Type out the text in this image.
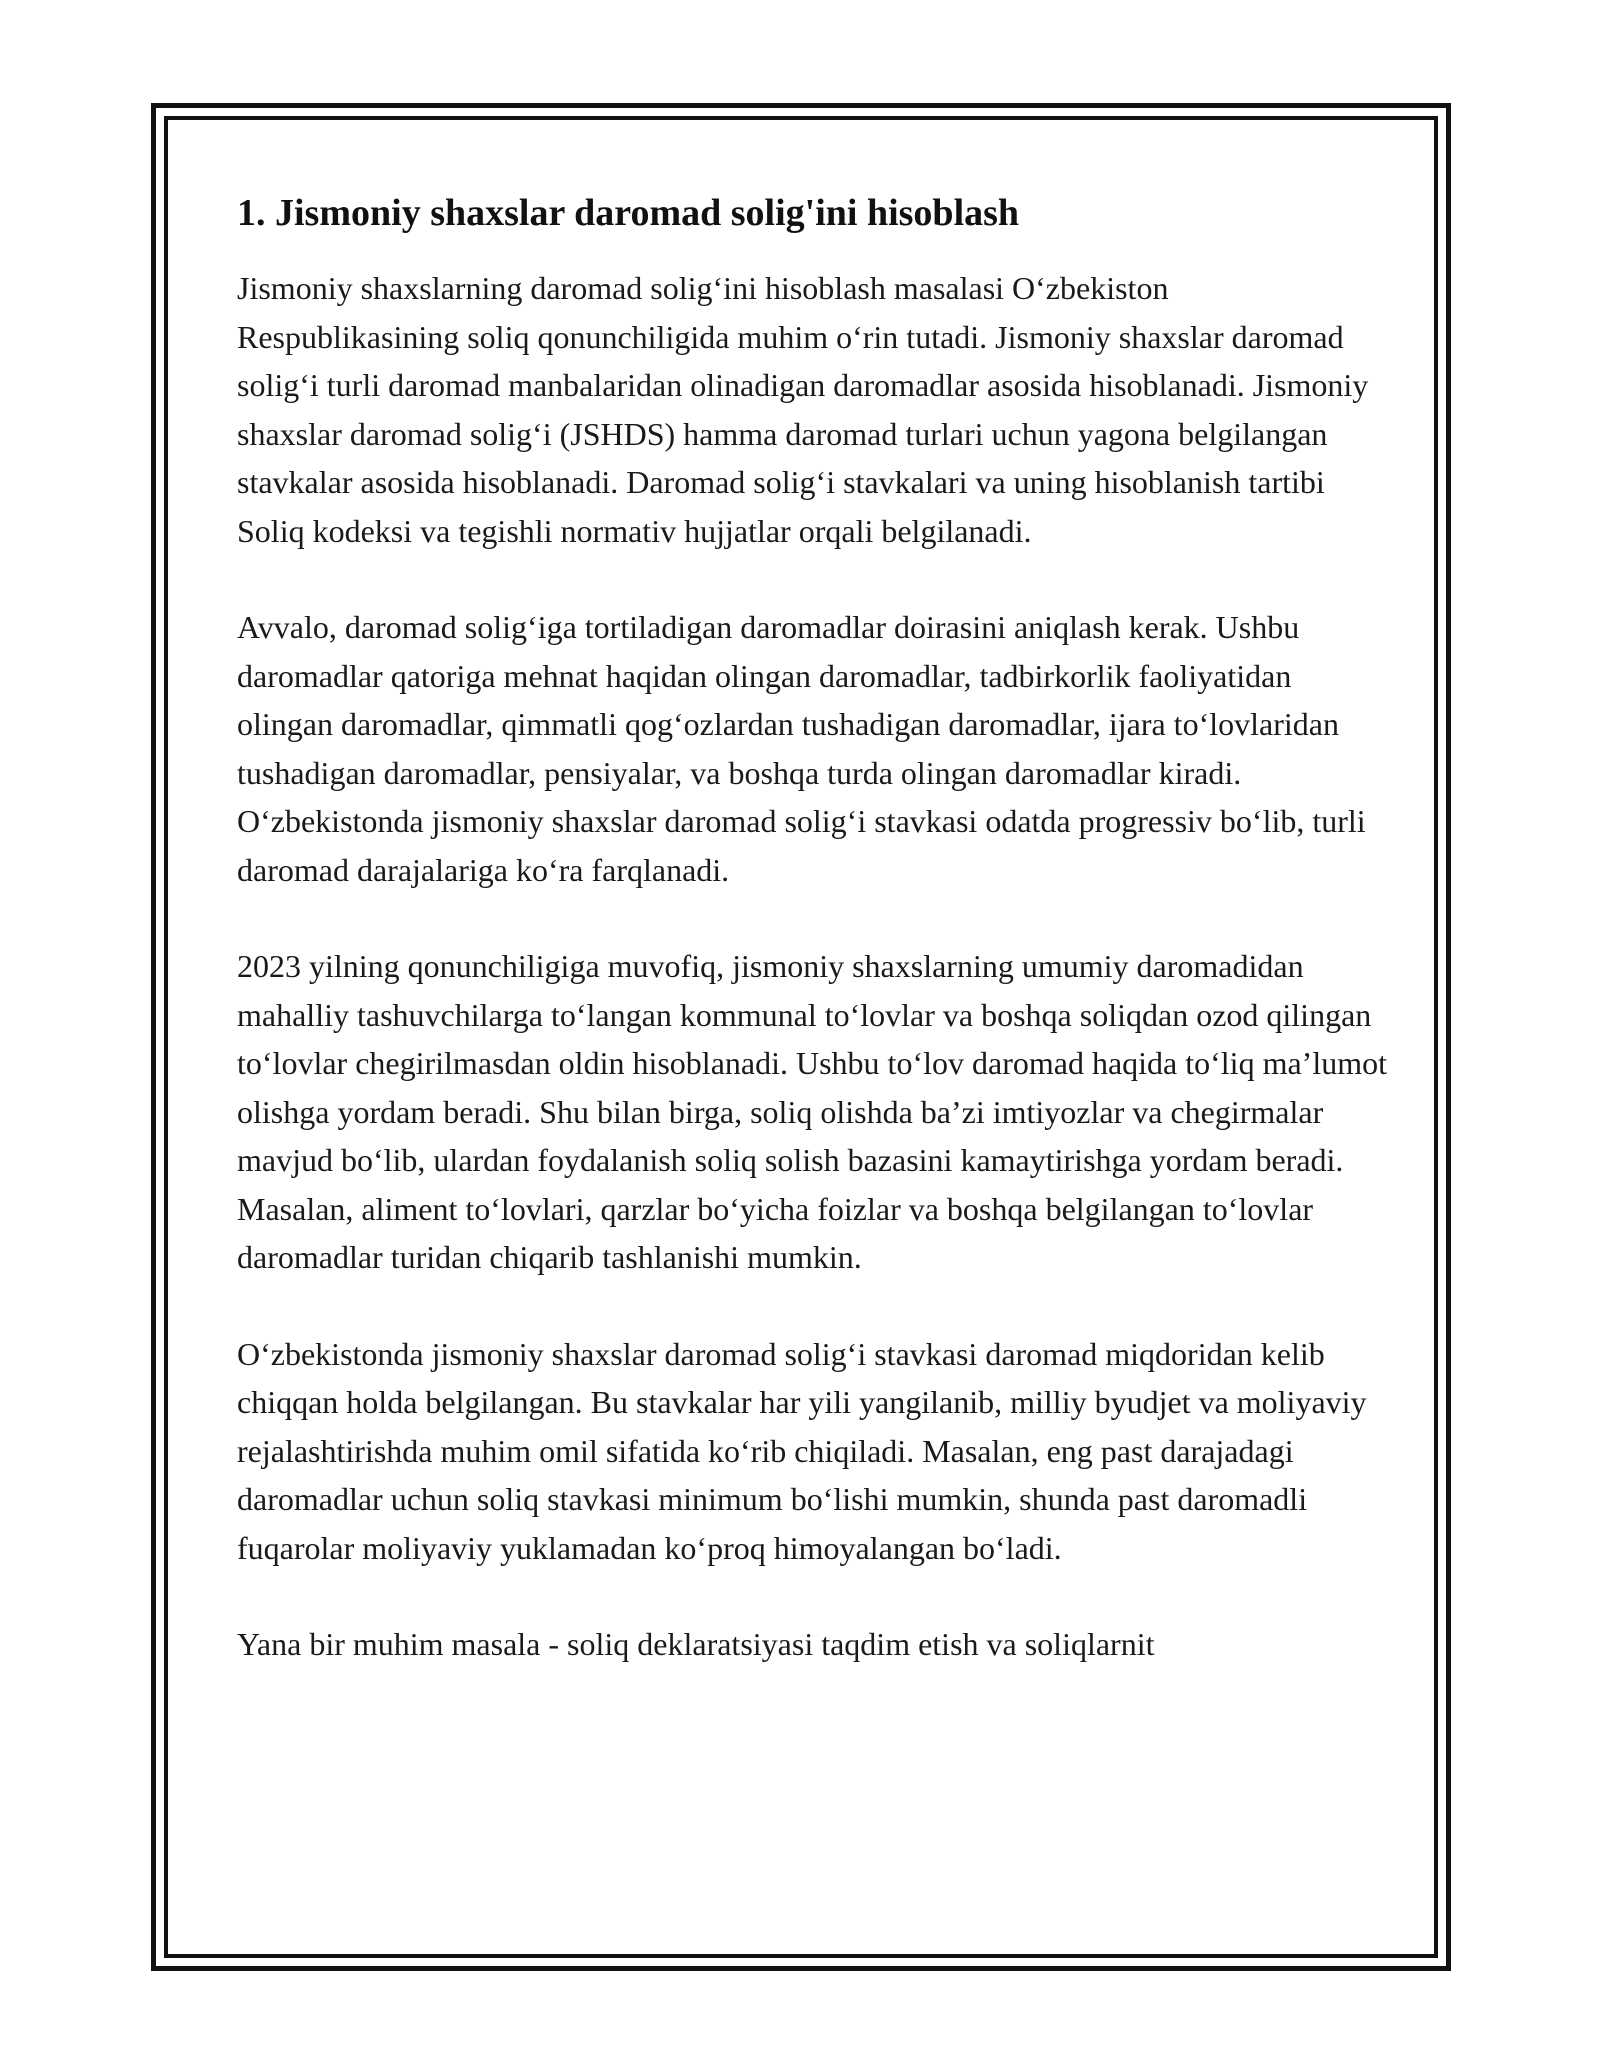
1. Jismoniy shaxslar daromad solig'ini hisoblash

Jismoniy shaxslarning daromad solig‘ini hisoblash masalasi O‘zbekiston Respublikasining soliq qonunchiligida muhim o‘rin tutadi. Jismoniy shaxslar daromad solig‘i turli daromad manbalaridan olinadigan daromadlar asosida hisoblanadi. Jismoniy shaxslar daromad solig‘i (JSHDS) hamma daromad turlari uchun yagona belgilangan stavkalar asosida hisoblanadi. Daromad solig‘i stavkalari va uning hisoblanish tartibi Soliq kodeksi va tegishli normativ hujjatlar orqali belgilanadi.

Avvalo, daromad solig‘iga tortiladigan daromadlar doirasini aniqlash kerak. Ushbu daromadlar qatoriga mehnat haqidan olingan daromadlar, tadbirkorlik faoliyatidan olingan daromadlar, qimmatli qog‘ozlardan tushadigan daromadlar, ijara to‘lovlaridan tushadigan daromadlar, pensiyalar, va boshqa turda olingan daromadlar kiradi. O‘zbekistonda jismoniy shaxslar daromad solig‘i stavkasi odatda progressiv bo‘lib, turli daromad darajalariga ko‘ra farqlanadi.

2023 yilning qonunchiligiga muvofiq, jismoniy shaxslarning umumiy daromadidan mahalliy tashuvchilarga to‘langan kommunal to‘lovlar va boshqa soliqdan ozod qilingan to‘lovlar chegirilmasdan oldin hisoblanadi. Ushbu to‘lov daromad haqida to‘liq ma’lumot olishga yordam beradi. Shu bilan birga, soliq olishda ba’zi imtiyozlar va chegirmalar mavjud bo‘lib, ulardan foydalanish soliq solish bazasini kamaytirishga yordam beradi. Masalan, aliment to‘lovlari, qarzlar bo‘yicha foizlar va boshqa belgilangan to‘lovlar daromadlar turidan chiqarib tashlanishi mumkin.

O‘zbekistonda jismoniy shaxslar daromad solig‘i stavkasi daromad miqdoridan kelib chiqqan holda belgilangan. Bu stavkalar har yili yangilanib, milliy byudjet va moliyaviy rejalashtirishda muhim omil sifatida ko‘rib chiqiladi. Masalan, eng past darajadagi daromadlar uchun soliq stavkasi minimum bo‘lishi mumkin, shunda past daromadli fuqarolar moliyaviy yuklamadan ko‘proq himoyalangan bo‘ladi.

Yana bir muhim masala - soliq deklaratsiyasi taqdim etish va soliqlarnit
